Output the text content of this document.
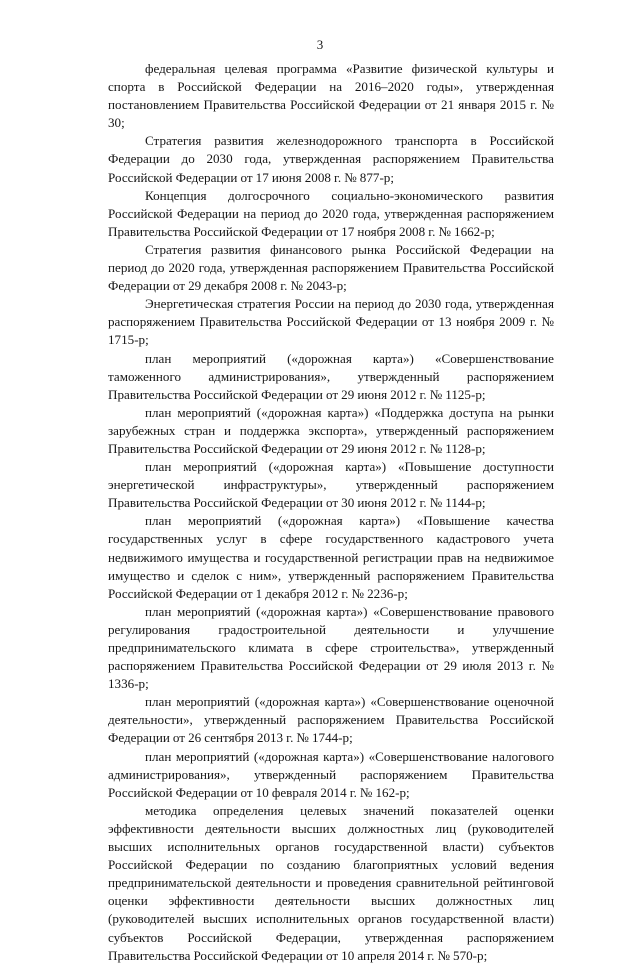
3

федеральная целевая программа «Развитие физической культуры и спорта в Российской Федерации на 2016–2020 годы», утвержденная постановлением Правительства Российской Федерации от 21 января 2015 г. № 30;

Стратегия развития железнодорожного транспорта в Российской Федерации до 2030 года, утвержденная распоряжением Правительства Российской Федерации от 17 июня 2008 г. № 877-р;

Концепция долгосрочного социально-экономического развития Российской Федерации на период до 2020 года, утвержденная распоряжением Правительства Российской Федерации от 17 ноября 2008 г. № 1662-р;

Стратегия развития финансового рынка Российской Федерации на период до 2020 года, утвержденная распоряжением Правительства Российской Федерации от 29 декабря 2008 г. № 2043-р;

Энергетическая стратегия России на период до 2030 года, утвержденная распоряжением Правительства Российской Федерации от 13 ноября 2009 г. № 1715-р;

план мероприятий («дорожная карта») «Совершенствование таможенного администрирования», утвержденный распоряжением Правительства Российской Федерации от 29 июня 2012 г. № 1125-р;

план мероприятий («дорожная карта») «Поддержка доступа на рынки зарубежных стран и поддержка экспорта», утвержденный распоряжением Правительства Российской Федерации от 29 июня 2012 г. № 1128-р;

план мероприятий («дорожная карта») «Повышение доступности энергетической инфраструктуры», утвержденный распоряжением Правительства Российской Федерации от 30 июня 2012 г. № 1144-р;

план мероприятий («дорожная карта») «Повышение качества государственных услуг в сфере государственного кадастрового учета недвижимого имущества и государственной регистрации прав на недвижимое имущество и сделок с ним», утвержденный распоряжением Правительства Российской Федерации от 1 декабря 2012 г. № 2236-р;

план мероприятий («дорожная карта») «Совершенствование правового регулирования градостроительной деятельности и улучшение предпринимательского климата в сфере строительства», утвержденный распоряжением Правительства Российской Федерации от 29 июля 2013 г. № 1336-р;

план мероприятий («дорожная карта») «Совершенствование оценочной деятельности», утвержденный распоряжением Правительства Российской Федерации от 26 сентября 2013 г. № 1744-р;

план мероприятий («дорожная карта») «Совершенствование налогового администрирования», утвержденный распоряжением Правительства Российской Федерации от 10 февраля 2014 г. № 162-р;

методика определения целевых значений показателей оценки эффективности деятельности высших должностных лиц (руководителей высших исполнительных органов государственной власти) субъектов Российской Федерации по созданию благоприятных условий ведения предпринимательской деятельности и проведения сравнительной рейтинговой оценки эффективности деятельности высших должностных лиц (руководителей высших исполнительных органов государственной власти) субъектов Российской Федерации, утвержденная распоряжением Правительства Российской Федерации от 10 апреля 2014 г. № 570-р;
